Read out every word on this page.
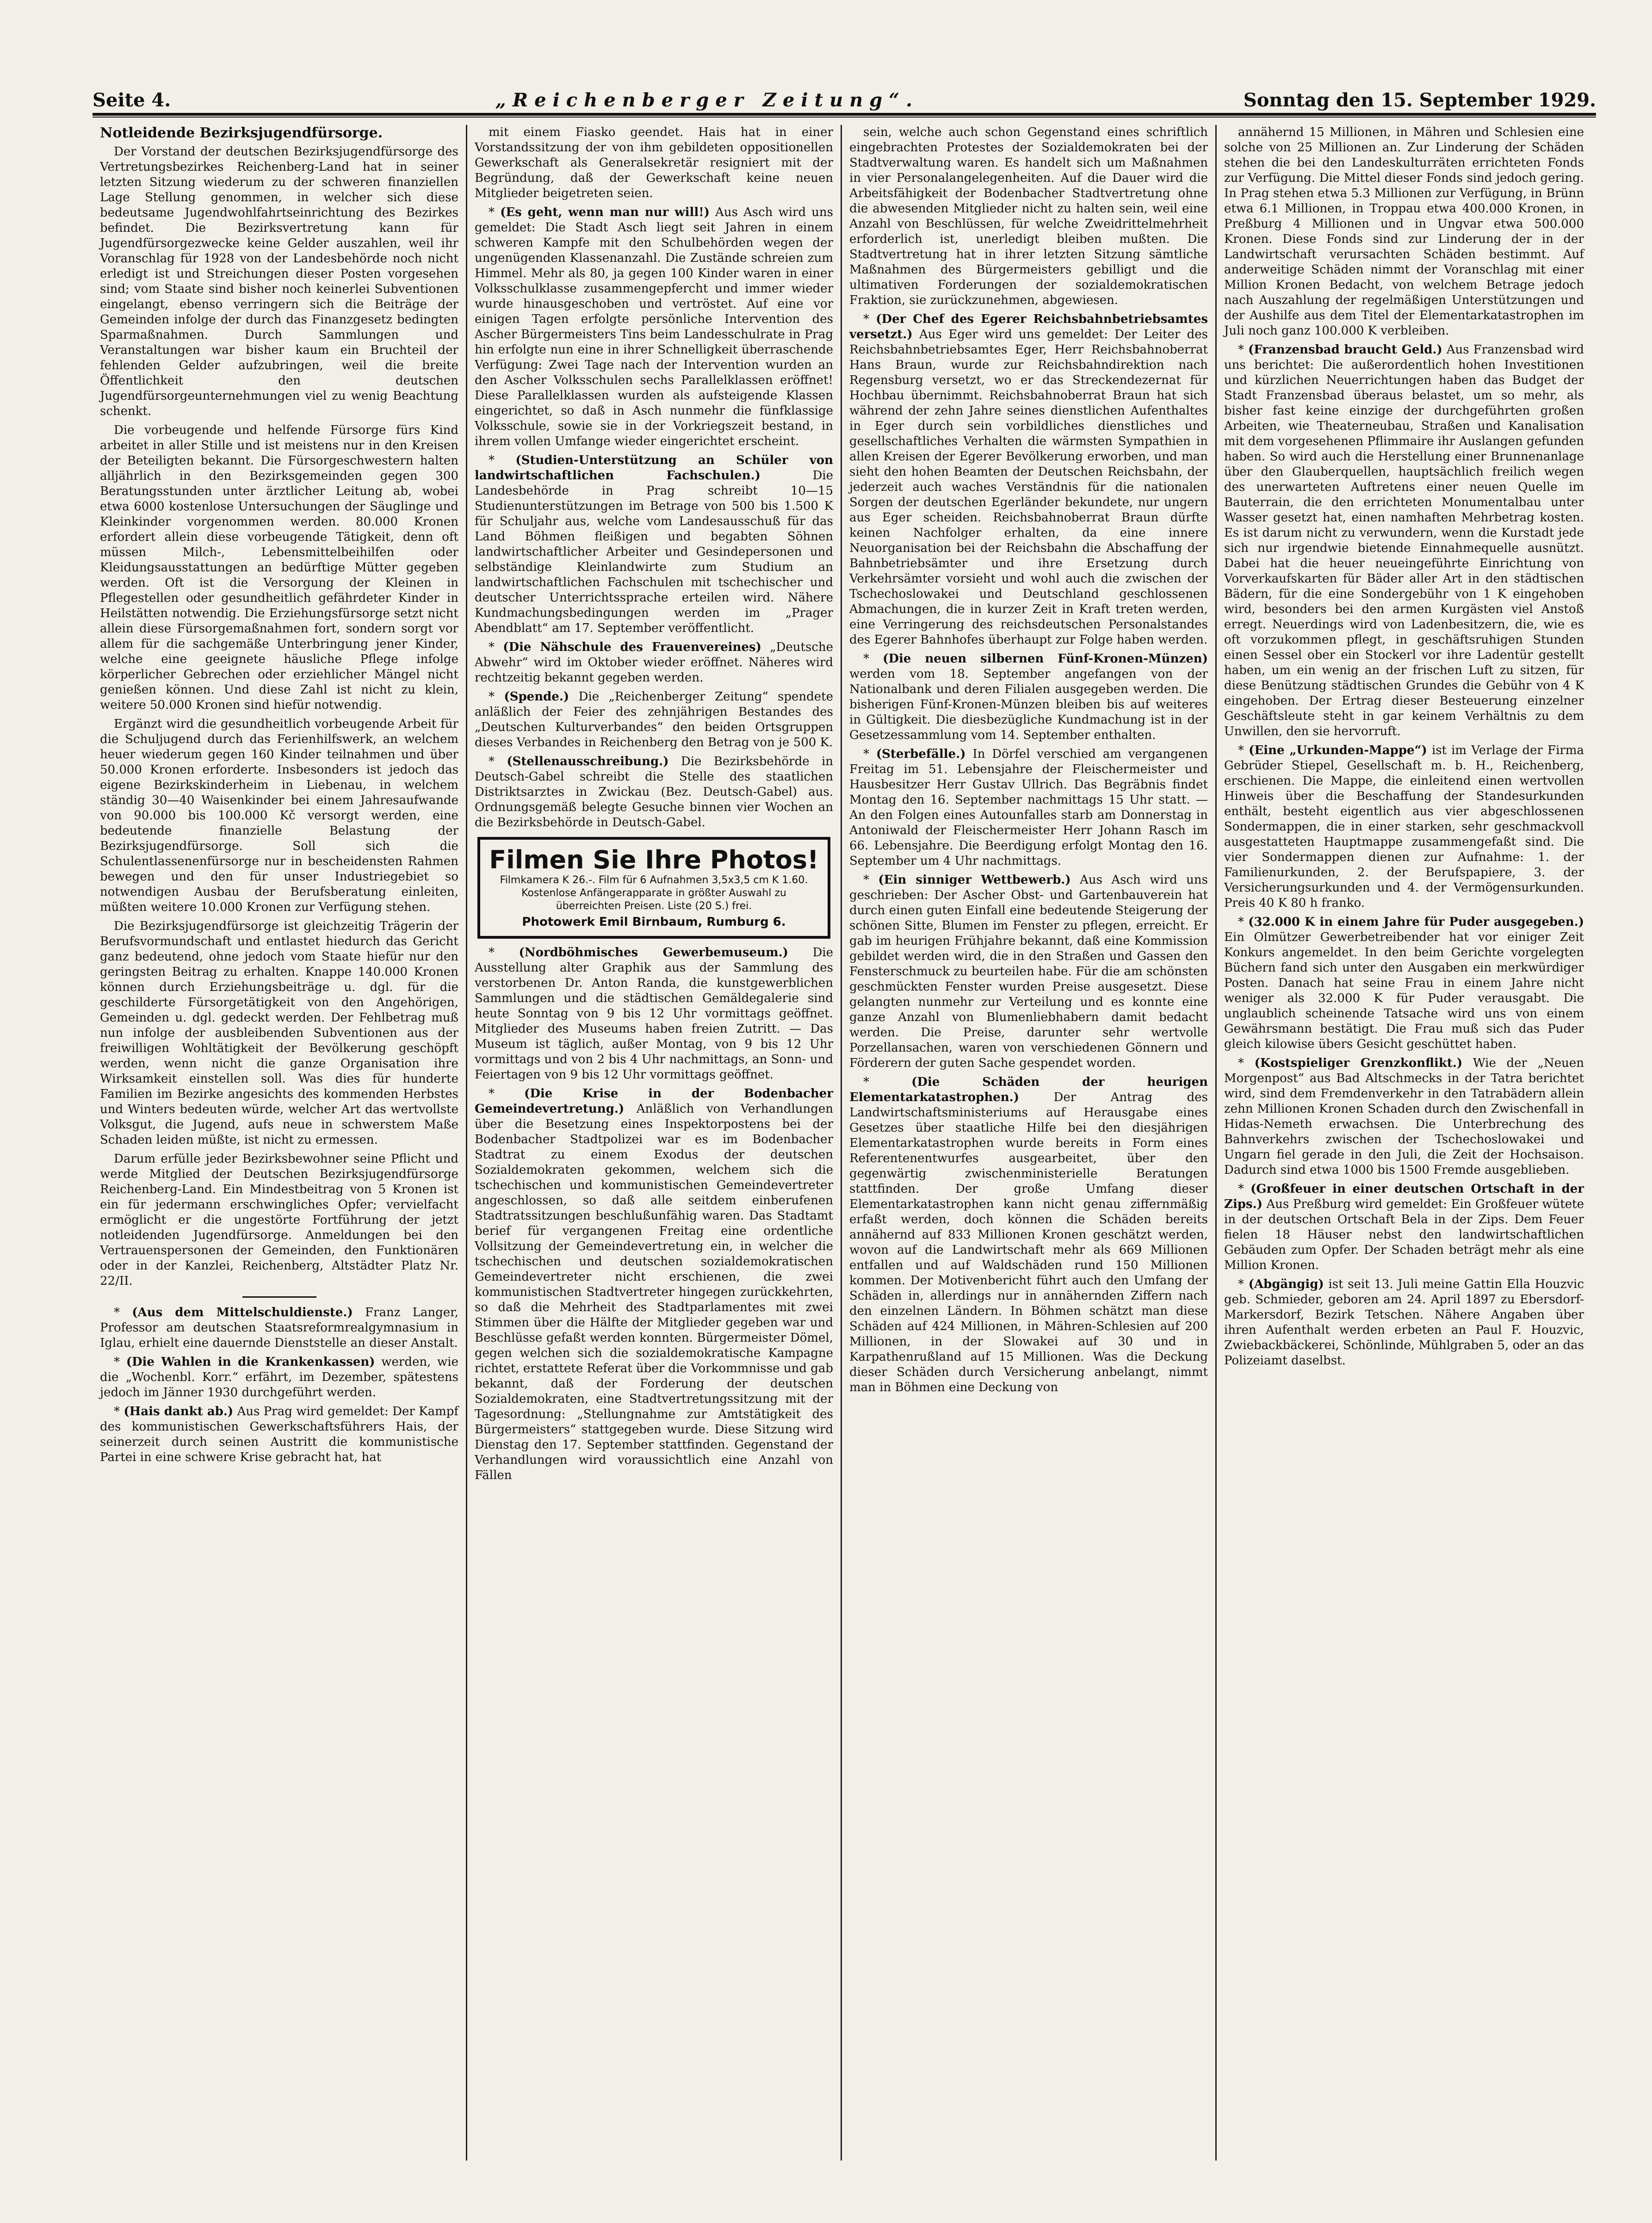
Seite 4.	„Reichenberger Zeitung“.	Sonntag den 15. September 1929.
Notleidende Bezirksjugendfürsorge.

Der Vorstand der deutschen Bezirksjugendfürsorge des Vertretungsbezirkes Reichenberg-Land hat in seiner letzten Sitzung wiederum zu der schweren finanziellen Lage Stellung genommen, in welcher sich diese bedeutsame Jugendwohlfahrtseinrichtung des Bezirkes befindet. Die Bezirksvertretung kann für Jugendfürsorgezwecke keine Gelder auszahlen, weil ihr Voranschlag für 1928 von der Landesbehörde noch nicht erledigt ist und Streichungen dieser Posten vorgesehen sind; vom Staate sind bisher noch keinerlei Subventionen eingelangt, ebenso verringern sich die Beiträge der Gemeinden infolge der durch das Finanzgesetz bedingten Sparmaßnahmen. Durch Sammlungen und Veranstaltungen war bisher kaum ein Bruchteil der fehlenden Gelder aufzubringen, weil die breite Öffentlichkeit den deutschen Jugendfürsorgeunternehmungen viel zu wenig Beachtung schenkt.

Die vorbeugende und helfende Fürsorge fürs Kind arbeitet in aller Stille und ist meistens nur in den Kreisen der Beteiligten bekannt. Die Fürsorgeschwestern halten alljährlich in den Bezirksgemeinden gegen 300 Beratungsstunden unter ärztlicher Leitung ab, wobei etwa 6000 kostenlose Untersuchungen der Säuglinge und Kleinkinder vorgenommen werden. 80.000 Kronen erfordert allein diese vorbeugende Tätigkeit, denn oft müssen Milch-, Lebensmittelbeihilfen oder Kleidungsausstattungen an bedürftige Mütter gegeben werden. Oft ist die Versorgung der Kleinen in Pflegestellen oder gesundheitlich gefährdeter Kinder in Heilstätten notwendig. Die Erziehungsfürsorge setzt nicht allein diese Fürsorgemaßnahmen fort, sondern sorgt vor allem für die sachgemäße Unterbringung jener Kinder, welche eine geeignete häusliche Pflege infolge körperlicher Gebrechen oder erziehlicher Mängel nicht genießen können. Und diese Zahl ist nicht zu klein, weitere 50.000 Kronen sind hiefür notwendig.

Ergänzt wird die gesundheitlich vorbeugende Arbeit für die Schuljugend durch das Ferienhilfswerk, an welchem heuer wiederum gegen 160 Kinder teilnahmen und über 50.000 Kronen erforderte. Insbesonders ist jedoch das eigene Bezirkskinderheim in Liebenau, in welchem ständig 30—40 Waisenkinder bei einem Jahresaufwande von 90.000 bis 100.000 Kč versorgt werden, eine bedeutende finanzielle Belastung der Bezirksjugendfürsorge. Soll sich die Schulentlassenenfürsorge nur in bescheidensten Rahmen bewegen und den für unser Industriegebiet so notwendigen Ausbau der Berufsberatung einleiten, müßten weitere 10.000 Kronen zur Verfügung stehen.

Die Bezirksjugendfürsorge ist gleichzeitig Trägerin der Berufsvormundschaft und entlastet hiedurch das Gericht ganz bedeutend, ohne jedoch vom Staate hiefür nur den geringsten Beitrag zu erhalten. Knappe 140.000 Kronen können durch Erziehungsbeiträge u. dgl. für die geschilderte Fürsorgetätigkeit von den Angehörigen, Gemeinden u. dgl. gedeckt werden. Der Fehlbetrag muß nun infolge der ausbleibenden Subventionen aus der freiwilligen Wohltätigkeit der Bevölkerung geschöpft werden, wenn nicht die ganze Organisation ihre Wirksamkeit einstellen soll. Was dies für hunderte Familien im Bezirke angesichts des kommenden Herbstes und Winters bedeuten würde, welcher Art das wertvollste Volksgut, die Jugend, aufs neue in schwerstem Maße Schaden leiden müßte, ist nicht zu ermessen.

Darum erfülle jeder Bezirksbewohner seine Pflicht und werde Mitglied der Deutschen Bezirksjugendfürsorge Reichenberg-Land. Ein Mindestbeitrag von 5 Kronen ist ein für jedermann erschwingliches Opfer; vervielfacht ermöglicht er die ungestörte Fortführung der jetzt notleidenden Jugendfürsorge. Anmeldungen bei den Vertrauenspersonen der Gemeinden, den Funktionären oder in der Kanzlei, Reichenberg, Altstädter Platz Nr. 22/II.

* (Aus dem Mittelschuldienste.) Franz Langer, Professor am deutschen Staatsreformrealgymnasium in Iglau, erhielt eine dauernde Dienststelle an dieser Anstalt.

* (Die Wahlen in die Krankenkassen) werden, wie die „Wochenbl. Korr.“ erfährt, im Dezember, spätestens jedoch im Jänner 1930 durchgeführt werden.

* (Hais dankt ab.) Aus Prag wird gemeldet: Der Kampf des kommunistischen Gewerkschaftsführers Hais, der seinerzeit durch seinen Austritt die kommunistische Partei in eine schwere Krise gebracht hat, hat

mit einem Fiasko geendet. Hais hat in einer Vorstandssitzung der von ihm gebildeten oppositionellen Gewerkschaft als Generalsekretär resigniert mit der Begründung, daß der Gewerkschaft keine neuen Mitglieder beigetreten seien.

* (Es geht, wenn man nur will!) Aus Asch wird uns gemeldet: Die Stadt Asch liegt seit Jahren in einem schweren Kampfe mit den Schulbehörden wegen der ungenügenden Klassenanzahl. Die Zustände schreien zum Himmel. Mehr als 80, ja gegen 100 Kinder waren in einer Volksschulklasse zusammengepfercht und immer wieder wurde hinausgeschoben und vertröstet. Auf eine vor einigen Tagen erfolgte persönliche Intervention des Ascher Bürgermeisters Tins beim Landesschulrate in Prag hin erfolgte nun eine in ihrer Schnelligkeit überraschende Verfügung: Zwei Tage nach der Intervention wurden an den Ascher Volksschulen sechs Parallelklassen eröffnet! Diese Parallelklassen wurden als aufsteigende Klassen eingerichtet, so daß in Asch nunmehr die fünfklassige Volksschule, sowie sie in der Vorkriegszeit bestand, in ihrem vollen Umfange wieder eingerichtet erscheint.

* (Studien-Unterstützung an Schüler von landwirtschaftlichen Fachschulen.)	Die Landesbehörde in Prag schreibt 10—15 Studienunterstützungen im Betrage von 500 bis 1.500 K für Schuljahr aus, welche vom Landesausschuß für das Land Böhmen fleißigen und begabten Söhnen landwirtschaftlicher Arbeiter und Gesindepersonen und selbständige Kleinlandwirte zum Studium an landwirtschaftlichen Fachschulen mit tschechischer und deutscher Unterrichtssprache erteilen wird. Nähere Kundmachungsbedingungen werden im „Prager Abendblatt“ am 17. September veröffentlicht.

* (Die Nähschule des Frauenvereines) „Deutsche Abwehr“ wird im Oktober wieder eröffnet. Näheres wird rechtzeitig bekannt gegeben werden.

* (Spende.) Die „Reichenberger Zeitung“ spendete anläßlich der Feier des zehnjährigen Bestandes des „Deutschen Kulturverbandes“ den beiden Ortsgruppen dieses Verbandes in Reichenberg den Betrag von je 500 K.

* (Stellenausschreibung.) Die Bezirksbehörde in Deutsch-Gabel schreibt die Stelle des staatlichen Distriktsarztes in Zwickau (Bez. Deutsch-Gabel) aus. Ordnungsgemäß belegte Gesuche binnen vier Wochen an die Bezirksbehörde in Deutsch-Gabel.

Filmen Sie Ihre Photos!
Filmkamera K 26.-. Film für 6 Aufnahmen 3,5x3,5 cm K 1.60. Kostenlose Anfängerapparate in größter Auswahl zu überreichten Preisen. Liste (20 S.) frei.
Photowerk Emil Birnbaum, Rumburg 6.

* (Nordböhmisches Gewerbemuseum.) Die Ausstellung alter Graphik aus der Sammlung des verstorbenen Dr. Anton Randa, die kunstgewerblichen Sammlungen und die städtischen Gemäldegalerie sind heute Sonntag von 9 bis 12 Uhr vormittags geöffnet. Mitglieder des Museums haben freien Zutritt. — Das Museum ist täglich, außer Montag, von 9 bis 12 Uhr vormittags und von 2 bis 4 Uhr nachmittags, an Sonn- und Feiertagen von 9 bis 12 Uhr vormittags geöffnet.

* (Die Krise in der Bodenbacher Gemeindevertretung.) Anläßlich von Verhandlungen über die Besetzung eines Inspektorpostens bei der Bodenbacher Stadtpolizei war es im Bodenbacher Stadtrat zu einem Exodus der deutschen Sozialdemokraten gekommen, welchem sich die tschechischen und kommunistischen Gemeindevertreter angeschlossen, so daß alle seitdem einberufenen Stadtratssitzungen beschlußunfähig waren. Das Stadtamt berief für vergangenen Freitag eine ordentliche Vollsitzung der Gemeindevertretung ein, in welcher die tschechischen und deutschen sozialdemokratischen Gemeindevertreter nicht erschienen, die zwei kommunistischen Stadtvertreter hingegen zurückkehrten, so daß die Mehrheit des Stadtparlamentes mit zwei Stimmen über die Hälfte der Mitglieder gegeben war und Beschlüsse gefaßt werden konnten. Bürgermeister Dömel, gegen welchen sich die sozialdemokratische Kampagne richtet, erstattete Referat über die Vorkommnisse und gab bekannt, daß der Forderung der deutschen Sozialdemokraten, eine Stadtvertretungssitzung mit der Tagesordnung: „Stellungnahme zur Amtstätigkeit des Bürgermeisters“ stattgegeben wurde. Diese Sitzung wird Dienstag den 17. September stattfinden. Gegenstand der Verhandlungen wird voraussichtlich eine Anzahl von Fällen

sein, welche auch schon Gegenstand eines schriftlich eingebrachten Protestes der Sozialdemokraten bei der Stadtverwaltung waren. Es handelt sich um Maßnahmen in vier Personalangelegenheiten. Auf die Dauer wird die Arbeitsfähigkeit der Bodenbacher Stadtvertretung ohne die abwesenden Mitglieder nicht zu halten sein, weil eine Anzahl von Beschlüssen, für welche Zweidrittelmehrheit erforderlich ist, unerledigt bleiben mußten. Die Stadtvertretung hat in ihrer letzten Sitzung sämtliche Maßnahmen des Bürgermeisters gebilligt und die ultimativen Forderungen der sozialdemokratischen Fraktion, sie zurückzunehmen, abgewiesen.

* (Der Chef des Egerer Reichsbahnbetriebsamtes versetzt.) Aus Eger wird uns gemeldet: Der Leiter des Reichsbahnbetriebsamtes Eger, Herr Reichsbahnoberrat Hans Braun, wurde zur Reichsbahndirektion nach Regensburg versetzt, wo er das Streckendezernat für Hochbau übernimmt. Reichsbahnoberrat Braun hat sich während der zehn Jahre seines dienstlichen Aufenthaltes in Eger durch sein vorbildliches dienstliches und gesellschaftliches Verhalten die wärmsten Sympathien in allen Kreisen der Egerer Bevölkerung erworben, und man sieht den hohen Beamten der Deutschen Reichsbahn, der jederzeit auch waches Verständnis für die nationalen Sorgen der deutschen Egerländer bekundete, nur ungern aus Eger scheiden. Reichsbahnoberrat Braun dürfte keinen Nachfolger erhalten, da eine innere Neuorganisation bei der Reichsbahn die Abschaffung der Bahnbetriebsämter und ihre Ersetzung durch Verkehrsämter vorsieht und wohl auch die zwischen der Tschechoslowakei und Deutschland geschlossenen Abmachungen, die in kurzer Zeit in Kraft treten werden, eine Verringerung des reichsdeutschen Personalstandes des Egerer Bahnhofes überhaupt zur Folge haben werden.

* (Die neuen silbernen Fünf-Kronen-Münzen) werden vom 18. September angefangen von der Nationalbank und deren Filialen ausgegeben werden. Die bisherigen Fünf-Kronen-Münzen bleiben bis auf weiteres in Gültigkeit. Die diesbezügliche Kundmachung ist in der Gesetzessammlung vom 14. September enthalten.

* (Sterbefälle.) In Dörfel verschied am vergangenen Freitag im 51. Lebensjahre der Fleischermeister und Hausbesitzer Herr Gustav Ullrich. Das Begräbnis findet Montag den 16. September nachmittags 15 Uhr statt. — An den Folgen eines Autounfalles starb am Donnerstag in Antoniwald der Fleischermeister Herr Johann Rasch im 66. Lebensjahre. Die Beerdigung erfolgt Montag den 16. September um 4 Uhr nachmittags.

* (Ein sinniger Wettbewerb.) Aus Asch wird uns geschrieben: Der Ascher Obst- und Gartenbauverein hat durch einen guten Einfall eine bedeutende Steigerung der schönen Sitte, Blumen im Fenster zu pflegen, erreicht. Er gab im heurigen Frühjahre bekannt, daß eine Kommission gebildet werden wird, die in den Straßen und Gassen den Fensterschmuck zu beurteilen habe. Für die am schönsten geschmückten Fenster wurden Preise ausgesetzt. Diese gelangten nunmehr zur Verteilung und es konnte eine ganze Anzahl von Blumenliebhabern damit bedacht werden. Die Preise, darunter sehr wertvolle Porzellansachen, waren von verschiedenen Gönnern und Förderern der guten Sache gespendet worden.

* (Die Schäden der heurigen Elementarkatastrophen.)	Der Antrag des Landwirtschaftsministeriums auf Herausgabe eines Gesetzes über staatliche Hilfe bei den diesjährigen Elementarkatastrophen wurde bereits in Form eines Referentenentwurfes ausgearbeitet, über den gegenwärtig zwischenministerielle Beratungen stattfinden. Der große Umfang dieser Elementarkatastrophen kann nicht genau ziffernmäßig erfaßt werden, doch können die Schäden bereits annähernd auf 833 Millionen Kronen geschätzt werden, wovon auf die Landwirtschaft mehr als 669 Millionen entfallen und auf Waldschäden rund 150 Millionen kommen. Der Motivenbericht führt auch den Umfang der Schäden in, allerdings nur in annähernden Ziffern nach den einzelnen Ländern. In Böhmen schätzt man diese Schäden auf 424 Millionen, in Mähren-Schlesien auf 200 Millionen, in der Slowakei auf 30 und in Karpathenrußland auf 15 Millionen. Was die Deckung dieser Schäden durch Versicherung anbelangt, nimmt man in Böhmen eine Deckung von

annähernd 15 Millionen, in Mähren und Schlesien eine solche von 25 Millionen an. Zur Linderung der Schäden stehen die bei den Landeskulturräten errichteten Fonds zur Verfügung. Die Mittel dieser Fonds sind jedoch gering. In Prag stehen etwa 5.3 Millionen zur Verfügung, in Brünn etwa 6.1 Millionen, in Troppau etwa 400.000 Kronen, in Preßburg 4 Millionen und in Ungvar etwa 500.000 Kronen. Diese Fonds sind zur Linderung der in der Landwirtschaft verursachten Schäden bestimmt. Auf anderweitige Schäden nimmt der Voranschlag mit einer Million Kronen Bedacht, von welchem Betrage jedoch nach Auszahlung der regelmäßigen Unterstützungen und der Aushilfe aus dem Titel der Elementarkatastrophen im Juli noch ganz 100.000 K verbleiben.

* (Franzensbad braucht Geld.) Aus Franzensbad wird uns berichtet: Die außerordentlich hohen Investitionen und kürzlichen Neuerrichtungen haben das Budget der Stadt Franzensbad überaus belastet, um so mehr, als bisher fast keine einzige der durchgeführten großen Arbeiten, wie Theaterneubau, Straßen und Kanalisation mit dem vorgesehenen Pflimmaire ihr Auslangen gefunden haben. So wird auch die Herstellung einer Brunnenanlage über den Glauberquellen, hauptsächlich freilich wegen des unerwarteten Auftretens einer neuen Quelle im Bauterrain, die den errichteten Monumentalbau unter Wasser gesetzt hat, einen namhaften Mehrbetrag kosten. Es ist darum nicht zu verwundern, wenn die Kurstadt jede sich nur irgendwie bietende Einnahmequelle ausnützt. Dabei hat die heuer neueingeführte Einrichtung von Vorverkaufskarten für Bäder aller Art in den städtischen Bädern, für die eine Sondergebühr von 1 K eingehoben wird, besonders bei den armen Kurgästen viel Anstoß erregt. Neuerdings wird von Ladenbesitzern, die, wie es oft vorzukommen pflegt, in geschäftsruhigen Stunden einen Sessel ober ein Stockerl vor ihre Ladentür gestellt haben, um ein wenig an der frischen Luft zu sitzen, für diese Benützung städtischen Grundes die Gebühr von 4 K eingehoben. Der Ertrag dieser Besteuerung einzelner Geschäftsleute steht in gar keinem Verhältnis zu dem Unwillen, den sie hervorruft.

* (Eine „Urkunden-Mappe“) ist im Verlage der Firma Gebrüder Stiepel, Gesellschaft m. b. H., Reichenberg, erschienen. Die Mappe, die einleitend einen wertvollen Hinweis über die Beschaffung der Standesurkunden enthält, besteht eigentlich aus vier abgeschlossenen Sondermappen, die in einer starken, sehr geschmackvoll ausgestatteten Hauptmappe zusammengefaßt sind. Die vier Sondermappen dienen zur Aufnahme: 1. der Familienurkunden, 2. der Berufspapiere, 3. der Versicherungsurkunden und 4. der Vermögensurkunden. Preis 40 K 80 h franko.

* (32.000 K in einem Jahre für Puder ausgegeben.) Ein Olmützer Gewerbetreibender hat vor einiger Zeit Konkurs angemeldet. In den beim Gerichte vorgelegten Büchern fand sich unter den Ausgaben ein merkwürdiger Posten. Danach hat seine Frau in einem Jahre nicht weniger als 32.000 K für Puder verausgabt. Die unglaublich scheinende Tatsache wird uns von einem Gewährsmann bestätigt. Die Frau muß sich das Puder gleich kilowise übers Gesicht geschüttet haben.

* (Kostspieliger Grenzkonflikt.) Wie der „Neuen Morgenpost“ aus Bad Altschmecks in der Tatra berichtet wird, sind dem Fremdenverkehr in den Tatrabädern allein zehn Millionen Kronen Schaden durch den Zwischenfall in Hidas-Nemeth erwachsen. Die Unterbrechung des Bahnverkehrs zwischen der Tschechoslowakei und Ungarn fiel gerade in den Juli, die Zeit der Hochsaison. Dadurch sind etwa 1000 bis 1500 Fremde ausgeblieben.

* (Großfeuer in einer deutschen Ortschaft in der Zips.) Aus Preßburg wird gemeldet: Ein Großfeuer wütete in der deutschen Ortschaft Bela in der Zips. Dem Feuer fielen 18 Häuser nebst den landwirtschaftlichen Gebäuden zum Opfer. Der Schaden beträgt mehr als eine Million Kronen.

* (Abgängig) ist seit 13. Juli meine Gattin Ella Houzvic geb. Schmieder, geboren am 24. April 1897 zu Ebersdorf-Markersdorf, Bezirk Tetschen. Nähere Angaben über ihren Aufenthalt werden erbeten an Paul F. Houzvic, Zwiebackbäckerei, Schönlinde, Mühlgraben 5, oder an das Polizeiamt daselbst.
